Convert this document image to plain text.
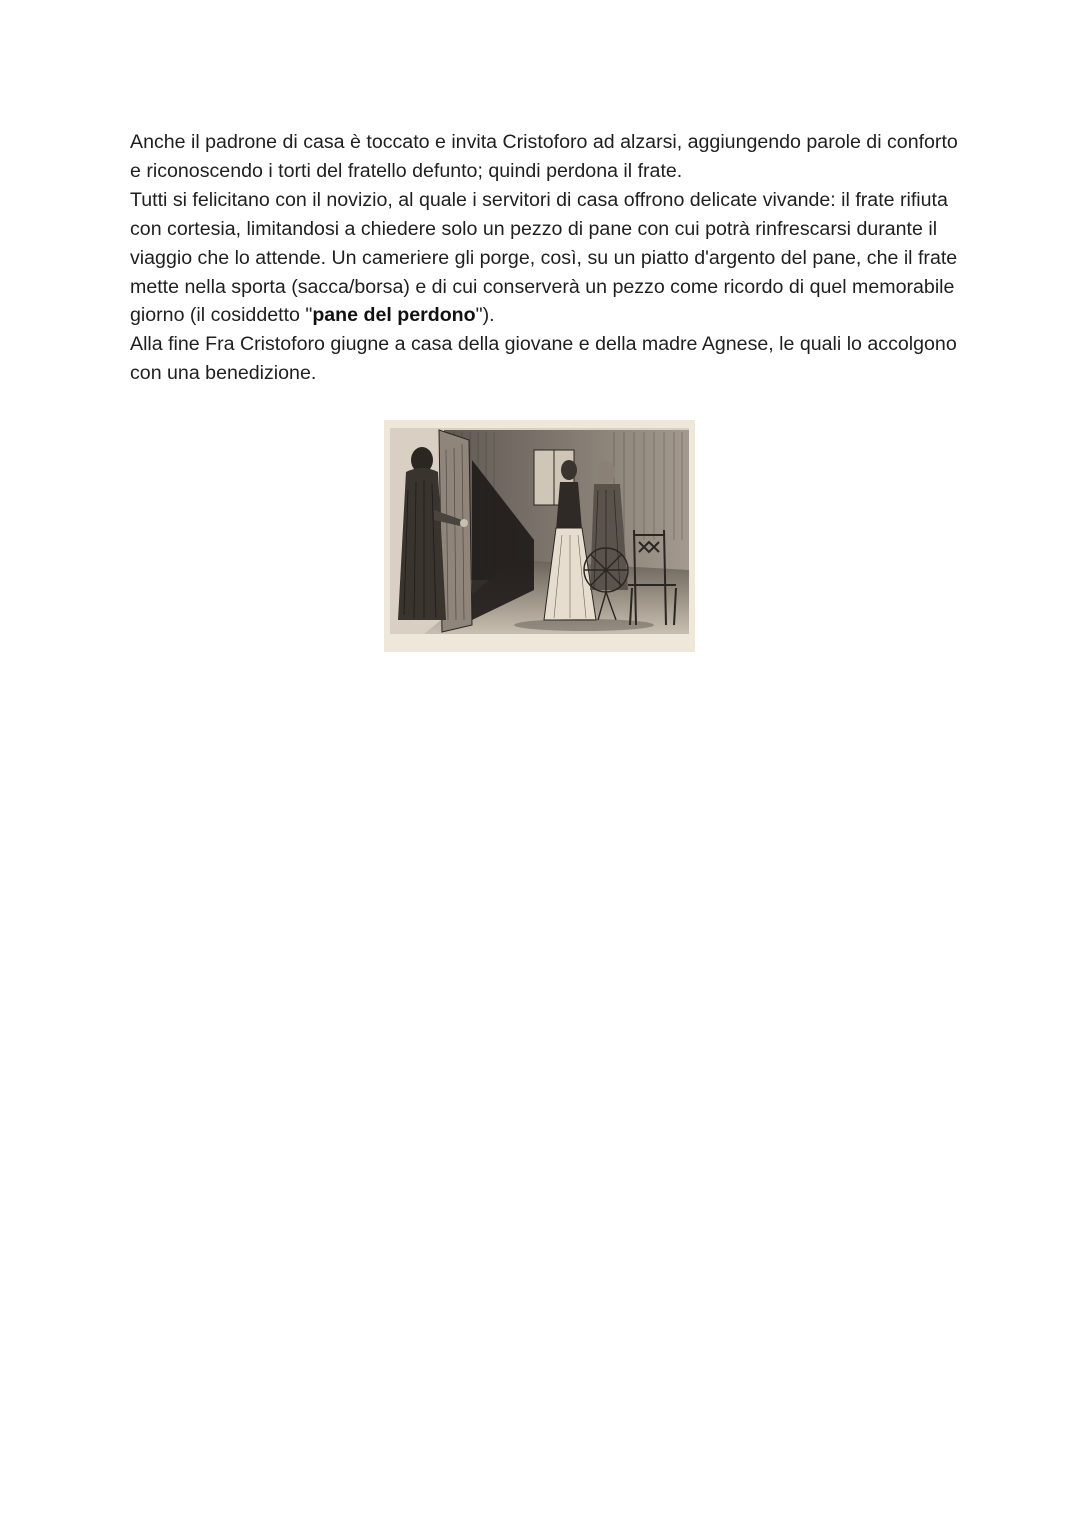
Anche il padrone di casa è toccato e invita Cristoforo ad alzarsi, aggiungendo parole di conforto e riconoscendo i torti del fratello defunto; quindi perdona il frate.

Tutti si felicitano con il novizio, al quale i servitori di casa offrono delicate vivande: il frate rifiuta con cortesia, limitandosi a chiedere solo un pezzo di pane con cui potrà rinfrescarsi durante il viaggio che lo attende. Un cameriere gli porge, così, su un piatto d'argento del pane, che il frate mette nella sporta (sacca/borsa) e di cui conserverà un pezzo come ricordo di quel memorabile giorno (il cosiddetto "pane del perdono").

Alla fine Fra Cristoforo giugne a casa della giovane e della madre Agnese, le quali lo accolgono con una benedizione.
